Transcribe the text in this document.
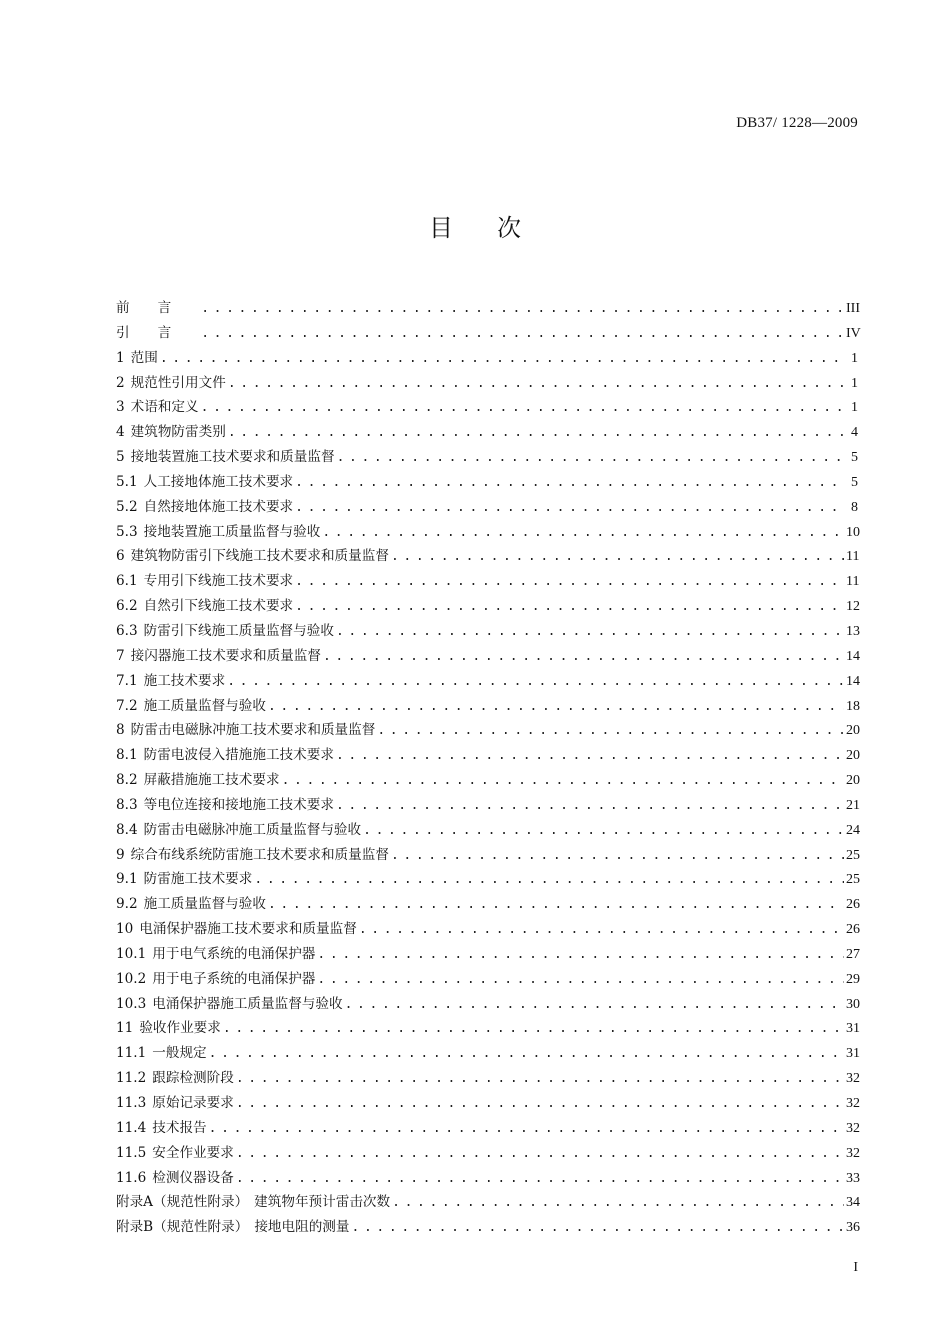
DB37/ 1228—2009
目 次
前言 . . .	III
引言 . . .	IV
1 范围 . . .	1
2 规范性引用文件 . . .	1
3 术语和定义 . . .	1
4 建筑物防雷类别 . . .	4
5 接地装置施工技术要求和质量监督 . . .	5
5.1 人工接地体施工技术要求 . . .	5
5.2 自然接地体施工技术要求 . . .	8
5.3 接地装置施工质量监督与验收 . . .	10
6 建筑物防雷引下线施工技术要求和质量监督 . . .	11
6.1 专用引下线施工技术要求 . . .	11
6.2 自然引下线施工技术要求 . . .	12
6.3 防雷引下线施工质量监督与验收 . . .	13
7 接闪器施工技术要求和质量监督 . . .	14
7.1 施工技术要求 . . .	14
7.2 施工质量监督与验收 . . .	18
8 防雷击电磁脉冲施工技术要求和质量监督 . . .	20
8.1 防雷电波侵入措施施工技术要求 . . .	20
8.2 屏蔽措施施工技术要求 . . .	20
8.3 等电位连接和接地施工技术要求 . . .	21
8.4 防雷击电磁脉冲施工质量监督与验收 . . .	24
9 综合布线系统防雷施工技术要求和质量监督 . . .	25
9.1 防雷施工技术要求 . . .	25
9.2 施工质量监督与验收 . . .	26
10 电涌保护器施工技术要求和质量监督 . . .	26
10.1 用于电气系统的电涌保护器 . . .	27
10.2 用于电子系统的电涌保护器 . . .	29
10.3 电涌保护器施工质量监督与验收 . . .	30
11 验收作业要求 . . .	31
11.1 一般规定 . . .	31
11.2 跟踪检测阶段 . . .	32
11.3 原始记录要求 . . .	32
11.4 技术报告 . . .	32
11.5 安全作业要求 . . .	32
11.6 检测仪器设备 . . .	33
附录A（规范性附录） 建筑物年预计雷击次数 . . .	34
附录B（规范性附录） 接地电阻的测量 . . .	36
I
